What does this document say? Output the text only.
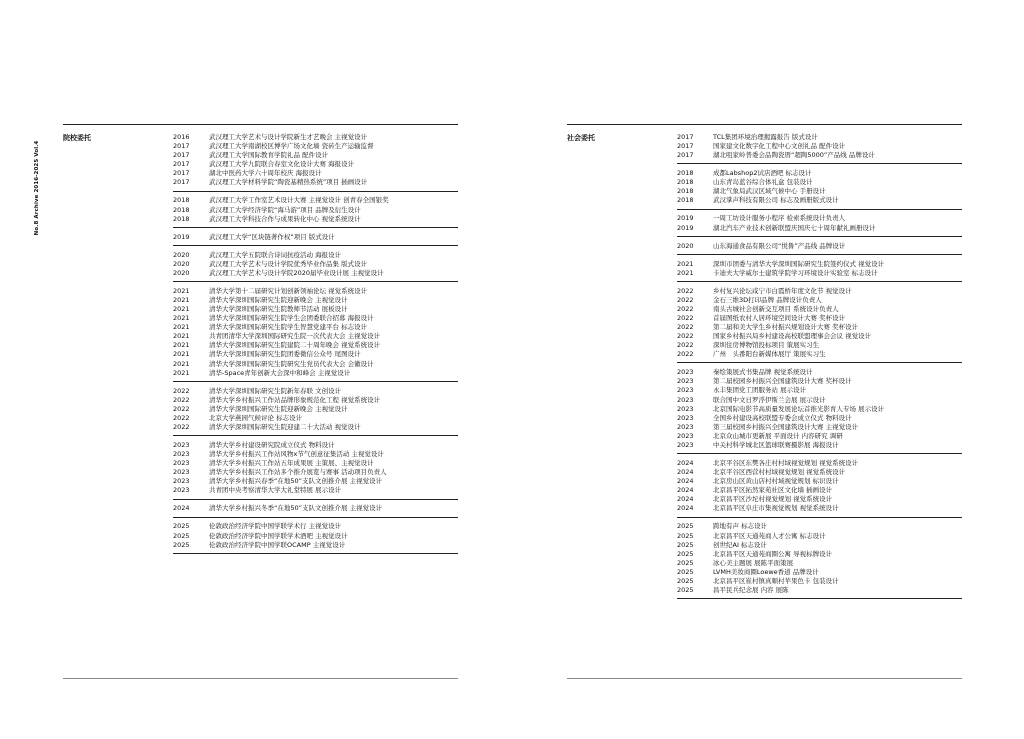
No.8 Archive 2016-2025 Vol.4
院校委托	2016	武汉理工大学艺术与设计学院新生才艺晚会 主视觉设计
2017	武汉理工大学南湖校区博学广场文化墙 瓷砖生产运输监督
2017	武汉理工大学国际教育学院礼品 配件设计
2017	武汉理工大学九院联合春室文化设计大赛 海报设计
2017	湖北中医药大学六十周年校庆 海报设计
2017	武汉理工大学材料学院“陶瓷基精热系统”项目 插画设计
2018	武汉理工大学工作室艺术设计大赛 主视觉设计 创青春全国银奖
2018	武汉理工大学经济学院“海马游”项目 品牌及衍生设计
2018	武汉理工大学科技合作与成果转化中心 视觉系统设计
2019	武汉理工大学“区块链著作权”项目 版式设计
2020	武汉理工大学五院联合诗词抗疫活动 海报设计
2020	武汉理工大学艺术与设计学院优秀毕业作品集 版式设计
2020	武汉理工大学艺术与设计学院2020届毕业设计展 主视觉设计
2021	清华大学第十二届研究计划创新领袖论坛 视觉系统设计
2021	清华大学深圳国际研究生院迎新晚会 主视觉设计
2021	清华大学深圳国际研究生院教师节活动 展板设计
2021	清华大学深圳国际研究生院学生会团委联合招募 海报设计
2021	清华大学深圳国际研究生院学生智慧党建平台 标志设计
2021	共青团清华大学深圳国际研究生院一次代表大会 主视觉设计
2021	清华大学深圳国际研究生院建院二十周年晚会 视觉系统设计
2021	清华大学深圳国际研究生院团委微信公众号 尾图设计
2021	清华大学深圳国际研究生院研究生党员代表大会 会徽设计
2021	清华-Space青年创新大会深中和峰会 主视觉设计
2022	清华大学深圳国际研究生院新年春联 文创设计
2022	清华大学乡村振兴工作站品牌形象规范化工程 视觉系统设计
2022	清华大学深圳国际研究生院迎新晚会 主视觉设计
2022	北京大学燕园气候评论 标志设计
2022	清华大学深圳国际研究生院迎建二十大活动 视觉设计
2023	清华大学乡村建设研究院成立仪式 物料设计
2023	清华大学乡村振兴工作站风物x节气创意征集活动 主视觉设计
2023	清华大学乡村振兴工作站五年成果展 主策展、主视觉设计
2023	清华大学乡村振兴工作站多个推介展览与赛事 活动项目负责人
2023	清华大学乡村振兴春季“在地50”支队文创推介展 主视觉设计
2023	共青团中央考察清华大学大礼堂特展 展示设计
2024	清华大学乡村振兴冬季“在地50”支队文创推介展 主视觉设计
2025	伦敦政治经济学院中国学联学术行 主视觉设计
2025	伦敦政治经济学院中国学联学术酒吧 主视觉设计
2025	伦敦政治经济学院中国学联OCAMP 主视觉设计
社会委托	2017	TCL集团环境治理揭露报告 版式设计
2017	国家建文化数字化工程中心文创礼品 配件设计
2017	湖北咀家岭普委会品陶瓷厝“超陶5000”产品线 品牌设计
2018	成都Labshop2试店酒吧 标志设计
2018	山东青岛蓝谷综合体礼盒 包装设计
2018	湖北气象局武汉区域气候中心 手册设计
2018	武汉掌声科技有限公司 标志及画册版式设计
2019	一周工坊设计服务小程序 检索系统设计负责人
2019	湖北汽车产业技术创新联盟庆国庆七十周年献礼画册设计
2020	山东海通食品有限公司“悦鲁”产品线 品牌设计
2021	深圳市团委与清华大学深圳国际研究生院签约仪式 视觉设计
2021	卡迪夫大学威尔士建筑学院学习环境设计实验室 标志设计
2022	乡村复兴论坛咸宁市白霞桥年度文化节 视觉设计
2022	金石三维3D打印品牌 品牌设计负责人
2022	南头古城社会创新交互项目 系统设计负责人
2022	首届图纸农村人居环境空间设计大赛 奖杯设计
2022	第二届和美大学生乡村振兴规划设计大赛 奖杯设计
2022	国家乡村振兴局乡村建设高校联盟理事会会议 视觉设计
2022	深圳住房博物馆投标项目 策展实习生
2022	广州　头番阳台新媒体展厅 策展实习生
2023	秦绘策展式书集品牌 视觉系统设计
2023	第二届校园乡村振兴全国建筑设计大赛 奖杯设计
2023	永丰集团党工团服务站 展示设计
2023	联合国中文日罗浮伊斯兰会展 展示设计
2023	北京国际电影节高质量发展论坛首推光影育人专场 展示设计
2023	全国乡村建设高校联盟专委会成立仪式 物料设计
2023	第三届校园乡村振兴全国建筑设计大赛 主视觉设计
2023	北京众山城市更新展 平面设计 内容研究 调研
2023	中关村科学城北区篮球联赛摄影展 海报设计
2024	北京平谷区东樊各庄村村域视觉规划 视觉系统设计
2024	北京平谷区西营村村域视觉规划 视觉系统设计
2024	北京房山区黄山店村村域视觉规划 标识设计
2024	北京昌平区拓然家苑社区文化墙 插画设计
2024	北京昌平区沙坨村视觉规划 视觉系统设计
2024	北京昌平区阜庄市集视觉规划 视觉系统设计
2025	跨地有声 标志设计
2025	北京昌平区天通苑商人才公寓 标志设计
2025	创世纪AI 标志设计
2025	北京昌平区天通苑商圈公寓 导视标牌设计
2025	冰心美主题展 展陈平面策展
2025	LVMH美妆商圈Loewe香道 品牌设计
2025	北京昌平区崔村镇真顺村苹果色卡 包装设计
2025	昌平民兵纪念展 内容 展陈
